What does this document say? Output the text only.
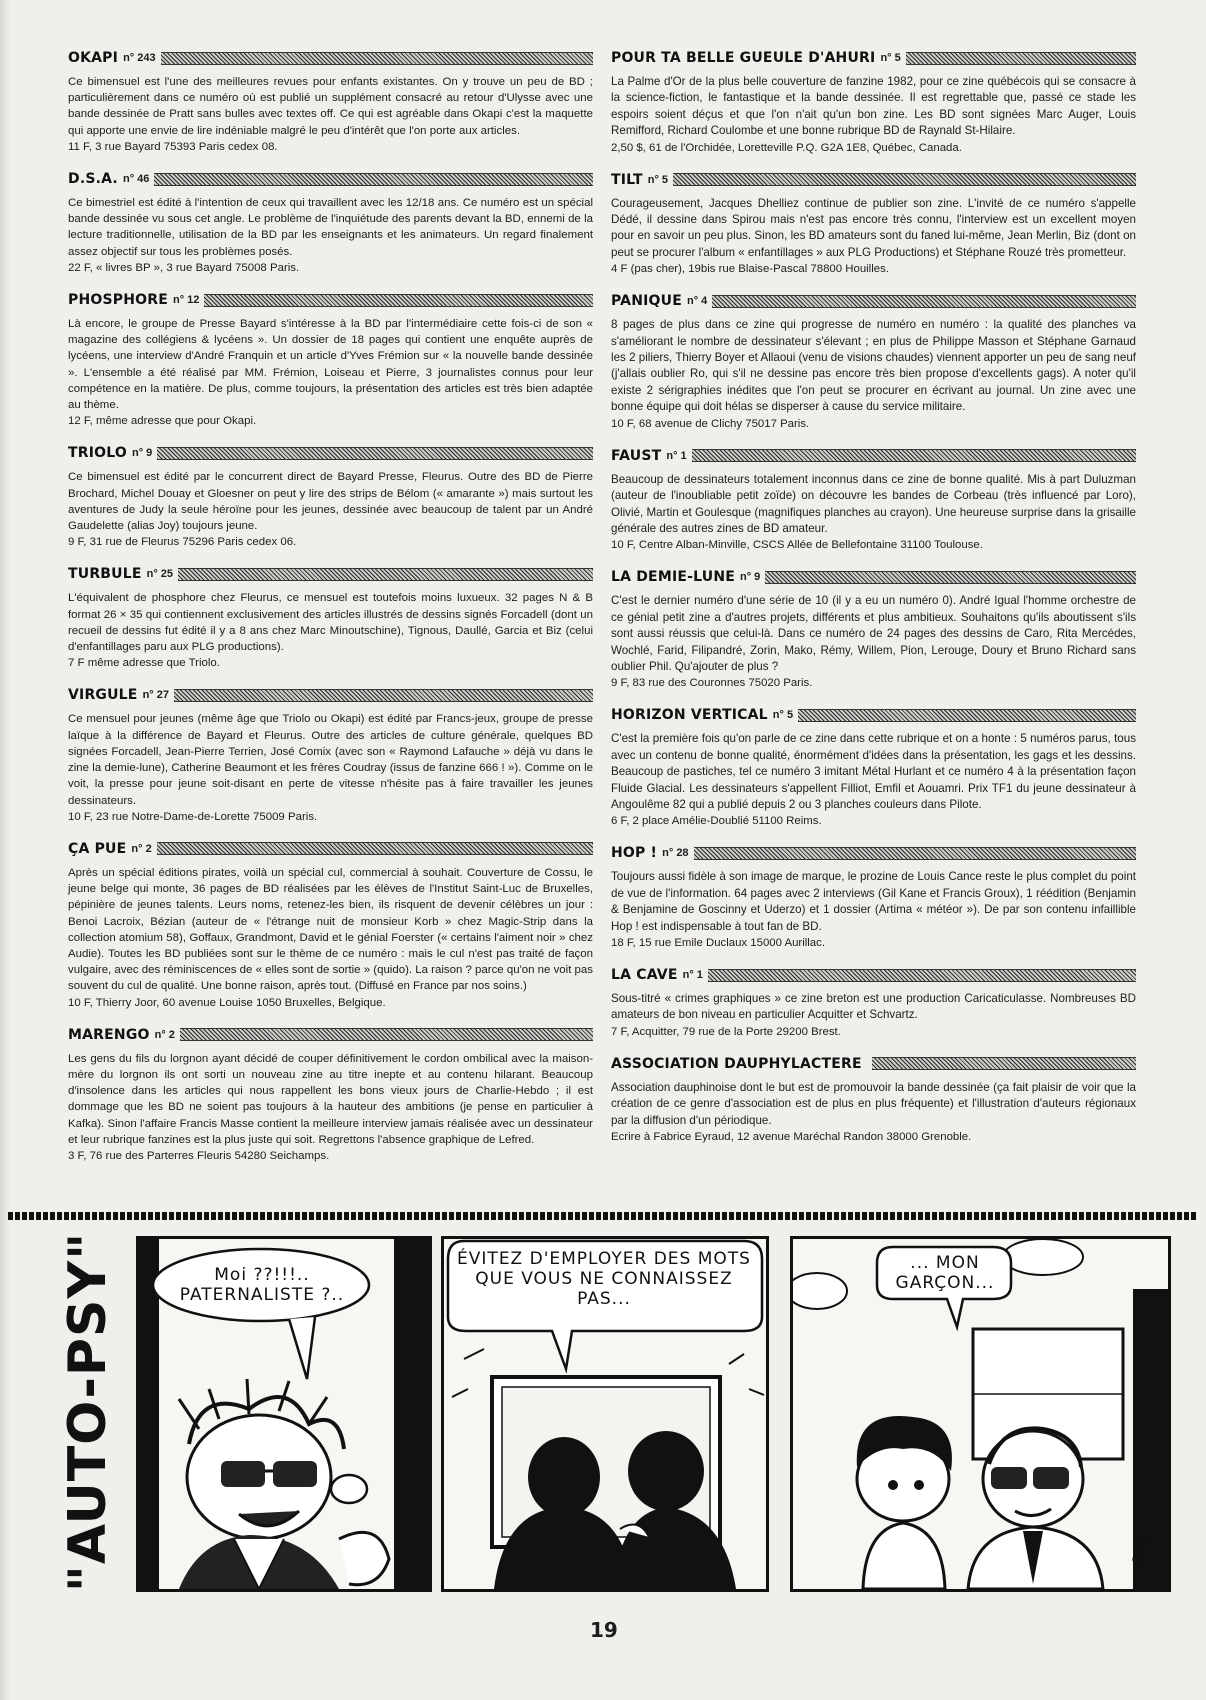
OKAPI n° 243

Ce bimensuel est l'une des meilleures revues pour enfants existantes. On y trouve un peu de BD ; particulièrement dans ce numéro où est publié un supplément consacré au retour d'Ulysse avec une bande dessinée de Pratt sans bulles avec textes off. Ce qui est agréable dans Okapi c'est la maquette qui apporte une envie de lire indéniable malgré le peu d'intérêt que l'on porte aux articles.

11 F, 3 rue Bayard 75393 Paris cedex 08.

D.S.A. n° 46

Ce bimestriel est édité à l'intention de ceux qui travaillent avec les 12/18 ans. Ce numéro est un spécial bande dessinée vu sous cet angle. Le problème de l'inquiétude des parents devant la BD, ennemi de la lecture traditionnelle, utilisation de la BD par les enseignants et les animateurs. Un regard finalement assez objectif sur tous les problèmes posés.

22 F, « livres BP », 3 rue Bayard 75008 Paris.

PHOSPHORE n° 12

Là encore, le groupe de Presse Bayard s'intéresse à la BD par l'intermédiaire cette fois-ci de son « magazine des collégiens & lycéens ». Un dossier de 18 pages qui contient une enquête auprès de lycéens, une interview d'André Franquin et un article d'Yves Frémion sur « la nouvelle bande dessinée ». L'ensemble a été réalisé par MM. Frémion, Loiseau et Pierre, 3 journalistes connus pour leur compétence en la matière. De plus, comme toujours, la présentation des articles est très bien adaptée au thème.

12 F, même adresse que pour Okapi.

TRIOLO n° 9

Ce bimensuel est édité par le concurrent direct de Bayard Presse, Fleurus. Outre des BD de Pierre Brochard, Michel Douay et Gloesner on peut y lire des strips de Bélom (« amarante ») mais surtout les aventures de Judy la seule héroïne pour les jeunes, dessinée avec beaucoup de talent par un André Gaudelette (alias Joy) toujours jeune.

9 F, 31 rue de Fleurus 75296 Paris cedex 06.

TURBULE n° 25

L'équivalent de phosphore chez Fleurus, ce mensuel est toutefois moins luxueux. 32 pages N & B format 26 × 35 qui contiennent exclusivement des articles illustrés de dessins signés Forcadell (dont un recueil de dessins fut édité il y a 8 ans chez Marc Minoutschine), Tignous, Daullé, Garcia et Biz (celui d'enfantillages paru aux PLG productions).

7 F même adresse que Triolo.

VIRGULE n° 27

Ce mensuel pour jeunes (même âge que Triolo ou Okapi) est édité par Francs-jeux, groupe de presse laïque à la différence de Bayard et Fleurus. Outre des articles de culture générale, quelques BD signées Forcadell, Jean-Pierre Terrien, José Comix (avec son « Raymond Lafauche » déjà vu dans le zine la demie-lune), Catherine Beaumont et les frères Coudray (issus de fanzine 666 ! »). Comme on le voit, la presse pour jeune soit-disant en perte de vitesse n'hésite pas à faire travailler les jeunes dessinateurs.

10 F, 23 rue Notre-Dame-de-Lorette 75009 Paris.

ÇA PUE n° 2

Après un spécial éditions pirates, voilà un spécial cul, commercial à souhait. Couverture de Cossu, le jeune belge qui monte, 36 pages de BD réalisées par les élèves de l'Institut Saint-Luc de Bruxelles, pépinière de jeunes talents. Leurs noms, retenez-les bien, ils risquent de devenir célèbres un jour : Benoi Lacroix, Bézian (auteur de « l'étrange nuit de monsieur Korb » chez Magic-Strip dans la collection atomium 58), Goffaux, Grandmont, David et le génial Foerster (« certains l'aiment noir » chez Audie). Toutes les BD publiées sont sur le thème de ce numéro : mais le cul n'est pas traité de façon vulgaire, avec des réminiscences de « elles sont de sortie » (quido). La raison ? parce qu'on ne voit pas souvent du cul de qualité. Une bonne raison, après tout. (Diffusé en France par nos soins.)

10 F, Thierry Joor, 60 avenue Louise 1050 Bruxelles, Belgique.

MARENGO n° 2

Les gens du fils du lorgnon ayant décidé de couper définitivement le cordon ombilical avec la maison-mère du lorgnon ils ont sorti un nouveau zine au titre inepte et au contenu hilarant. Beaucoup d'insolence dans les articles qui nous rappellent les bons vieux jours de Charlie-Hebdo ; il est dommage que les BD ne soient pas toujours à la hauteur des ambitions (je pense en particulier à Kafka). Sinon l'affaire Francis Masse contient la meilleure interview jamais réalisée avec un dessinateur et leur rubrique fanzines est la plus juste qui soit. Regrettons l'absence graphique de Lefred.

3 F, 76 rue des Parterres Fleuris 54280 Seichamps.

POUR TA BELLE GUEULE D'AHURI n° 5

La Palme d'Or de la plus belle couverture de fanzine 1982, pour ce zine québécois qui se consacre à la science-fiction, le fantastique et la bande dessinée. Il est regrettable que, passé ce stade les espoirs soient déçus et que l'on n'ait qu'un bon zine. Les BD sont signées Marc Auger, Louis Remifford, Richard Coulombe et une bonne rubrique BD de Raynald St-Hilaire.

2,50 $, 61 de l'Orchidée, Loretteville P.Q. G2A 1E8, Québec, Canada.

TILT n° 5

Courageusement, Jacques Dhelliez continue de publier son zine. L'invité de ce numéro s'appelle Dédé, il dessine dans Spirou mais n'est pas encore très connu, l'interview est un excellent moyen pour en savoir un peu plus. Sinon, les BD amateurs sont du faned lui-même, Jean Merlin, Biz (dont on peut se procurer l'album « enfantillages » aux PLG Productions) et Stéphane Rouzé très prometteur.

4 F (pas cher), 19bis rue Blaise-Pascal 78800 Houilles.

PANIQUE n° 4

8 pages de plus dans ce zine qui progresse de numéro en numéro : la qualité des planches va s'améliorant le nombre de dessinateur s'élevant ; en plus de Philippe Masson et Stéphane Garnaud les 2 piliers, Thierry Boyer et Allaoui (venu de visions chaudes) viennent apporter un peu de sang neuf (j'allais oublier Ro, qui s'il ne dessine pas encore très bien propose d'excellents gags). A noter qu'il existe 2 sérigraphies inédites que l'on peut se procurer en écrivant au journal. Un zine avec une bonne équipe qui doit hélas se disperser à cause du service militaire.

10 F, 68 avenue de Clichy 75017 Paris.

FAUST n° 1

Beaucoup de dessinateurs totalement inconnus dans ce zine de bonne qualité. Mis à part Duluzman (auteur de l'inoubliable petit zoïde) on découvre les bandes de Corbeau (très influencé par Loro), Olivié, Martin et Goulesque (magnifiques planches au crayon). Une heureuse surprise dans la grisaille générale des autres zines de BD amateur.

10 F, Centre Alban-Minville, CSCS Allée de Bellefontaine 31100 Toulouse.

LA DEMIE-LUNE n° 9

C'est le dernier numéro d'une série de 10 (il y a eu un numéro 0). André Igual l'homme orchestre de ce génial petit zine a d'autres projets, différents et plus ambitieux. Souhaitons qu'ils aboutissent s'ils sont aussi réussis que celui-là. Dans ce numéro de 24 pages des dessins de Caro, Rita Mercédes, Wochlé, Farid, Filipandré, Zorin, Mako, Rémy, Willem, Pion, Lerouge, Doury et Bruno Richard sans oublier Phil. Qu'ajouter de plus ?

9 F, 83 rue des Couronnes 75020 Paris.

HORIZON VERTICAL n° 5

C'est la première fois qu'on parle de ce zine dans cette rubrique et on a honte : 5 numéros parus, tous avec un contenu de bonne qualité, énormément d'idées dans la présentation, les gags et les dessins. Beaucoup de pastiches, tel ce numéro 3 imitant Métal Hurlant et ce numéro 4 à la présentation façon Fluide Glacial. Les dessinateurs s'appellent Filliot, Emfil et Aouamri. Prix TF1 du jeune dessinateur à Angoulême 82 qui a publié depuis 2 ou 3 planches couleurs dans Pilote.

6 F, 2 place Amélie-Doublié 51100 Reims.

HOP ! n° 28

Toujours aussi fidèle à son image de marque, le prozine de Louis Cance reste le plus complet du point de vue de l'information. 64 pages avec 2 interviews (Gil Kane et Francis Groux), 1 réédition (Benjamin & Benjamine de Goscinny et Uderzo) et 1 dossier (Artima « météor »). De par son contenu infaillible Hop ! est indispensable à tout fan de BD.

18 F, 15 rue Emile Duclaux 15000 Aurillac.

LA CAVE n° 1

Sous-titré « crimes graphiques » ce zine breton est une production Caricaticulasse. Nombreuses BD amateurs de bon niveau en particulier Acquitter et Schvartz.

7 F, Acquitter, 79 rue de la Porte 29200 Brest.

ASSOCIATION DAUPHYLACTERE

Association dauphinoise dont le but est de promouvoir la bande dessinée (ça fait plaisir de voir que la création de ce genre d'association est de plus en plus fréquente) et l'illustration d'auteurs régionaux par la diffusion d'un périodique.

Ecrire à Fabrice Eyraud, 12 avenue Maréchal Randon 38000 Grenoble.

"AUTO-PSY"	Moi ??!!!.. PATERNALISTE ?..
ÉVITEZ D'EMPLOYER DES MOTS QUE VOUS NE CONNAISSEZ PAS...
... MON GARÇON...
©BIZ
19
